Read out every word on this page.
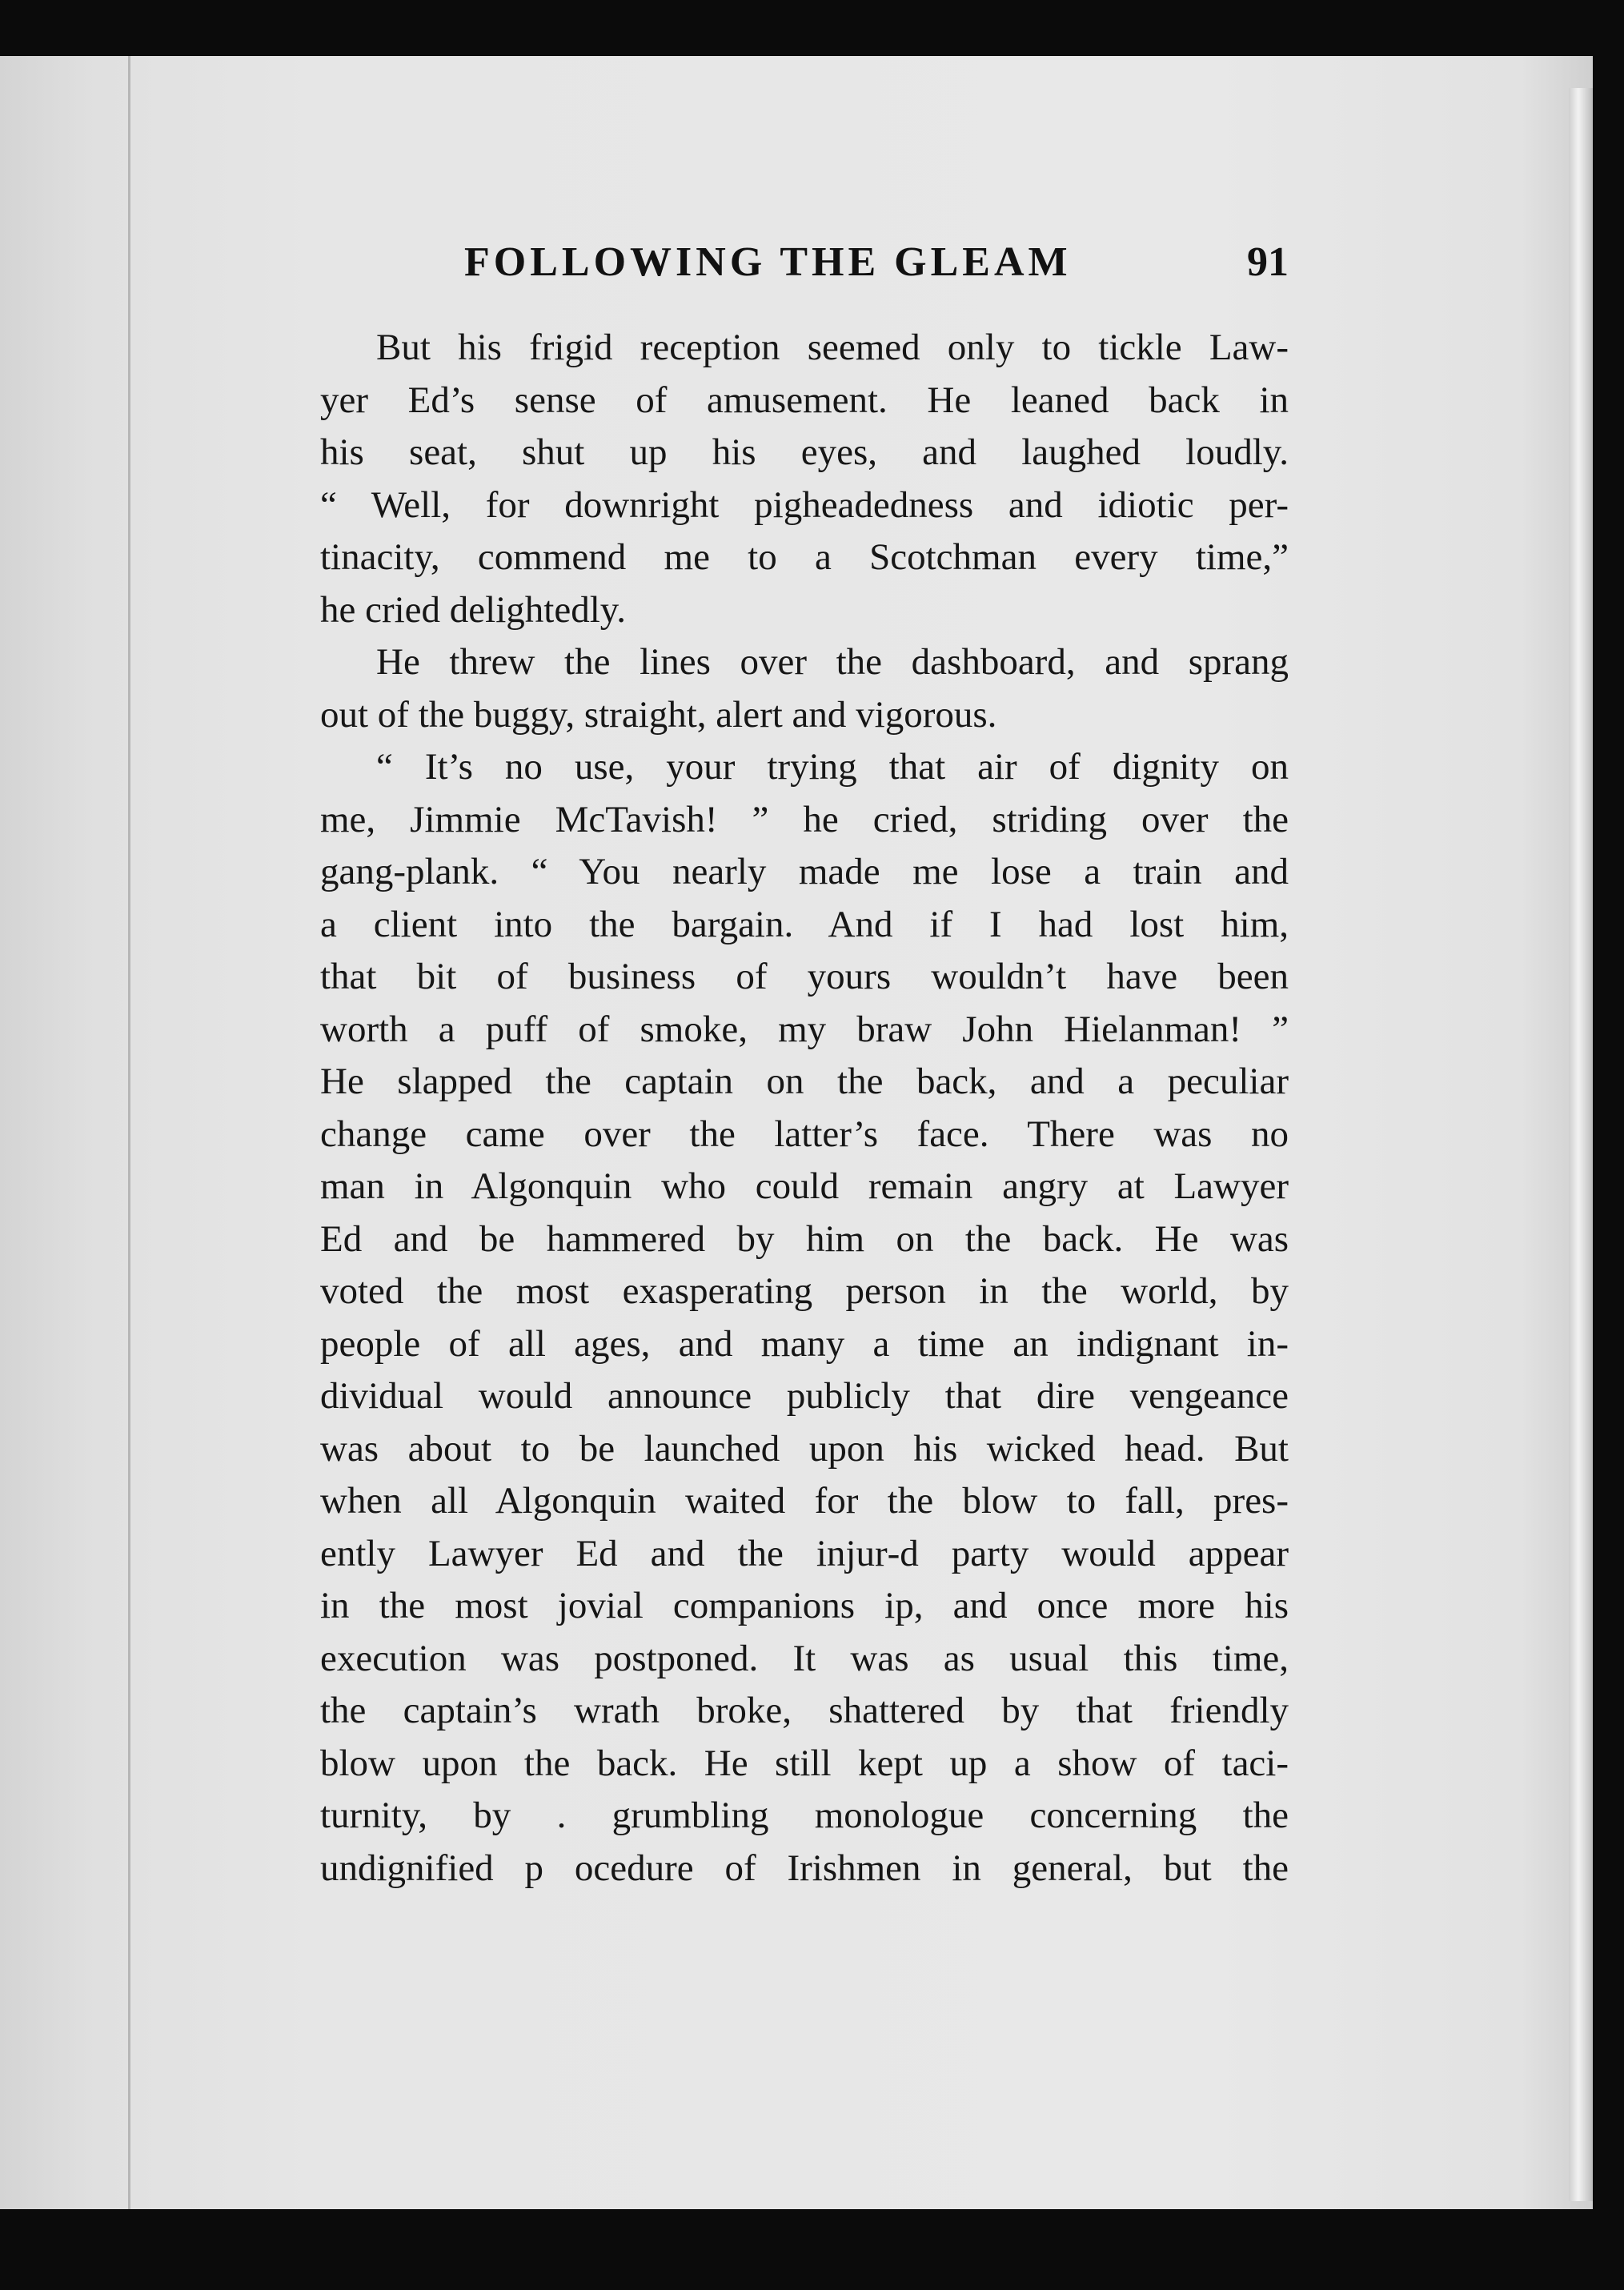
FOLLOWING THE GLEAM	91
But his frigid reception seemed only to tickle Law-
yer Ed’s sense of amusement. He leaned back in
his seat, shut up his eyes, and laughed loudly.
“ Well, for downright pigheadedness and idiotic per-
tinacity, commend me to a Scotchman every time,”
he cried delightedly.
He threw the lines over the dashboard, and sprang
out of the buggy, straight, alert and vigorous.
“ It’s no use, your trying that air of dignity on
me, Jimmie McTavish! ” he cried, striding over the
gang-plank. “ You nearly made me lose a train and
a client into the bargain. And if I had lost him,
that bit of business of yours wouldn’t have been
worth a puff of smoke, my braw John Hielanman! ”
He slapped the captain on the back, and a peculiar
change came over the latter’s face. There was no
man in Algonquin who could remain angry at Lawyer
Ed and be hammered by him on the back. He was
voted the most exasperating person in the world, by
people of all ages, and many a time an indignant in-
dividual would announce publicly that dire vengeance
was about to be launched upon his wicked head. But
when all Algonquin waited for the blow to fall, pres-
ently Lawyer Ed and the injur‑d party would appear
in the most jovial companions ip, and once more his
execution was postponed. It was as usual this time,
the captain’s wrath broke, shattered by that friendly
blow upon the back. He still kept up a show of taci-
turnity, by . grumbling monologue concerning the
undignified p ocedure of Irishmen in general, but the
